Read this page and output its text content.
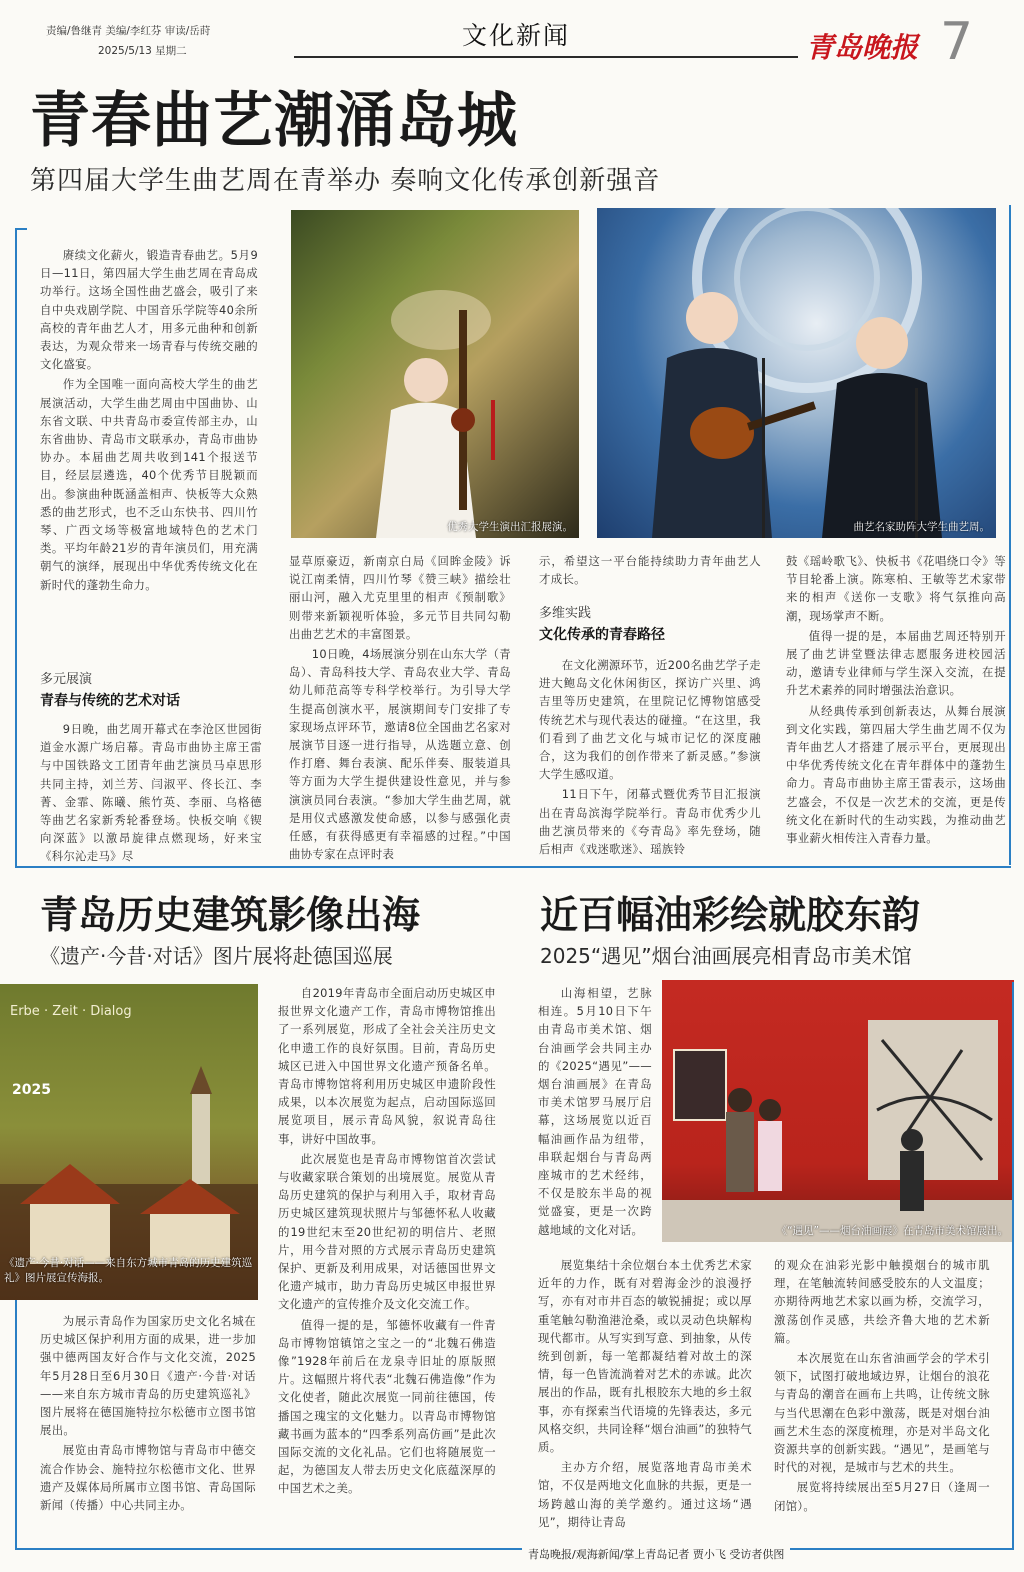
责编/鲁继青 美编/李红芬 审读/岳莳
2025/5/13 星期二
文化新闻	青岛晚报 7
青春曲艺潮涌岛城
第四届大学生曲艺周在青举办 奏响文化传承创新强音
优秀大学生演出汇报展演。	曲艺名家助阵大学生曲艺周。

赓续文化薪火，锻造青春曲艺。5月9日—11日，第四届大学生曲艺周在青岛成功举行。这场全国性曲艺盛会，吸引了来自中央戏剧学院、中国音乐学院等40余所高校的青年曲艺人才，用多元曲种和创新表达，为观众带来一场青春与传统交融的文化盛宴。

作为全国唯一面向高校大学生的曲艺展演活动，大学生曲艺周由中国曲协、山东省文联、中共青岛市委宣传部主办，山东省曲协、青岛市文联承办，青岛市曲协协办。本届曲艺周共收到141个报送节目，经层层遴选，40个优秀节目脱颖而出。参演曲种既涵盖相声、快板等大众熟悉的曲艺形式，也不乏山东快书、四川竹琴、广西文场等极富地域特色的艺术门类。平均年龄21岁的青年演员们，用充满朝气的演绎，展现出中华优秀传统文化在新时代的蓬勃生命力。

多元展演
青春与传统的艺术对话

9日晚，曲艺周开幕式在李沧区世园街道金水源广场启幕。青岛市曲协主席王雷与中国铁路文工团青年曲艺演员马卓思形共同主持，刘兰芳、闫淑平、佟长江、李菁、金霏、陈曦、熊竹英、李丽、乌格德等曲艺名家新秀轮番登场。快板交响《锲向深蓝》以激昂旋律点燃现场，好来宝《科尔沁走马》尽

显草原豪迈，新南京白局《回眸金陵》诉说江南柔情，四川竹琴《赞三峡》描绘壮丽山河，融入尤克里里的相声《预制歌》则带来新颖视听体验，多元节目共同勾勒出曲艺艺术的丰富图景。

10日晚，4场展演分别在山东大学（青岛）、青岛科技大学、青岛农业大学、青岛幼儿师范高等专科学校举行。为引导大学生提高创演水平，展演期间专门安排了专家现场点评环节，邀请8位全国曲艺名家对展演节目逐一进行指导，从选题立意、创作打磨、舞台表演、配乐伴奏、服装道具等方面为大学生提供建设性意见，并与参演演员同台表演。“参加大学生曲艺周，就是用仪式感激发使命感，以参与感强化责任感，有获得感更有幸福感的过程。”中国曲协专家在点评时表

示，希望这一平台能持续助力青年曲艺人才成长。

多维实践
文化传承的青春路径

在文化溯源环节，近200名曲艺学子走进大鲍岛文化休闲街区，探访广兴里、鸿吉里等历史建筑，在里院记忆博物馆感受传统艺术与现代表达的碰撞。“在这里，我们看到了曲艺文化与城市记忆的深度融合，这为我们的创作带来了新灵感。”参演大学生感叹道。

11日下午，闭幕式暨优秀节目汇报演出在青岛滨海学院举行。青岛市优秀少儿曲艺演员带来的《夸青岛》率先登场，随后相声《戏迷歌迷》、瑶族铃

鼓《瑶岭歌飞》、快板书《花唱绕口令》等节目轮番上演。陈寒柏、王敏等艺术家带来的相声《送你一支歌》将气氛推向高潮，现场掌声不断。

值得一提的是，本届曲艺周还特别开展了曲艺讲堂暨法律志愿服务进校园活动，邀请专业律师与学生深入交流，在提升艺术素养的同时增强法治意识。

从经典传承到创新表达，从舞台展演到文化实践，第四届大学生曲艺周不仅为青年曲艺人才搭建了展示平台，更展现出中华优秀传统文化在青年群体中的蓬勃生命力。青岛市曲协主席王雷表示，这场曲艺盛会，不仅是一次艺术的交流，更是传统文化在新时代的生动实践，为推动曲艺事业薪火相传注入青春力量。

青岛历史建筑影像出海
《遗产·今昔·对话》图片展将赴德国巡展
Erbe · Zeit · Dialog
2025
《遗产·今昔·对话——来自东方城市青岛的历史建筑巡礼》图片展宣传海报。

为展示青岛作为国家历史文化名城在历史城区保护利用方面的成果，进一步加强中德两国友好合作与文化交流，2025年5月28日至6月30日《遗产·今昔·对话——来自东方城市青岛的历史建筑巡礼》图片展将在德国施特拉尔松德市立图书馆展出。

展览由青岛市博物馆与青岛市中德交流合作协会、施特拉尔松德市文化、世界遗产及媒体局所属市立图书馆、青岛国际新闻（传播）中心共同主办。

自2019年青岛市全面启动历史城区申报世界文化遗产工作，青岛市博物馆推出了一系列展览，形成了全社会关注历史文化申遗工作的良好氛围。目前，青岛历史城区已进入中国世界文化遗产预备名单。青岛市博物馆将利用历史城区申遗阶段性成果，以本次展览为起点，启动国际巡回展览项目，展示青岛风貌，叙说青岛往事，讲好中国故事。

此次展览也是青岛市博物馆首次尝试与收藏家联合策划的出境展览。展览从青岛历史建筑的保护与利用入手，取材青岛历史城区建筑现状照片与邹德怀私人收藏的19世纪末至20世纪初的明信片、老照片，用今昔对照的方式展示青岛历史建筑保护、更新及利用成果，对话德国世界文化遗产城市，助力青岛历史城区申报世界文化遗产的宣传推介及文化交流工作。

值得一提的是，邹德怀收藏有一件青岛市博物馆镇馆之宝之一的“北魏石佛造像”1928年前后在龙泉寺旧址的原版照片。这幅照片将代表“北魏石佛造像”作为文化使者，随此次展览一同前往德国，传播国之瑰宝的文化魅力。以青岛市博物馆藏书画为蓝本的“四季系列高仿画”是此次国际交流的文化礼品。它们也将随展览一起，为德国友人带去历史文化底蕴深厚的中国艺术之美。

近百幅油彩绘就胶东韵
2025“遇见”烟台油画展亮相青岛市美术馆

山海相望，艺脉相连。5月10日下午由青岛市美术馆、烟台油画学会共同主办的《2025“遇见”——烟台油画展》在青岛市美术馆罗马展厅启幕，这场展览以近百幅油画作品为纽带，串联起烟台与青岛两座城市的艺术经纬，不仅是胶东半岛的视觉盛宴，更是一次跨越地域的文化对话。	《“遇见”——烟台油画展》在青岛市美术馆展出。

展览集结十余位烟台本土优秀艺术家近年的力作，既有对碧海金沙的浪漫抒写，亦有对市井百态的敏锐捕捉；或以厚重笔触勾勒渔港沧桑，或以灵动色块解构现代都市。从写实到写意、到抽象，从传统到创新，每一笔都凝结着对故土的深情，每一色皆流淌着对艺术的赤诚。此次展出的作品，既有扎根胶东大地的乡土叙事，亦有探索当代语境的先锋表达，多元风格交织，共同诠释“烟台油画”的独特气质。

主办方介绍，展览落地青岛市美术馆，不仅是两地文化血脉的共振，更是一场跨越山海的美学邀约。通过这场“遇见”，期待让青岛

的观众在油彩光影中触摸烟台的城市肌理，在笔触流转间感受胶东的人文温度；亦期待两地艺术家以画为桥，交流学习，激荡创作灵感，共绘齐鲁大地的艺术新篇。

本次展览在山东省油画学会的学术引领下，试图打破地域边界，让烟台的浪花与青岛的潮音在画布上共鸣，让传统文脉与当代思潮在色彩中激荡，既是对烟台油画艺术生态的深度梳理，亦是对半岛文化资源共享的创新实践。“遇见”，是画笔与时代的对视，是城市与艺术的共生。

展览将持续展出至5月27日（逢周一闭馆）。

青岛晚报/观海新闻/掌上青岛记者 贾小飞 受访者供图
